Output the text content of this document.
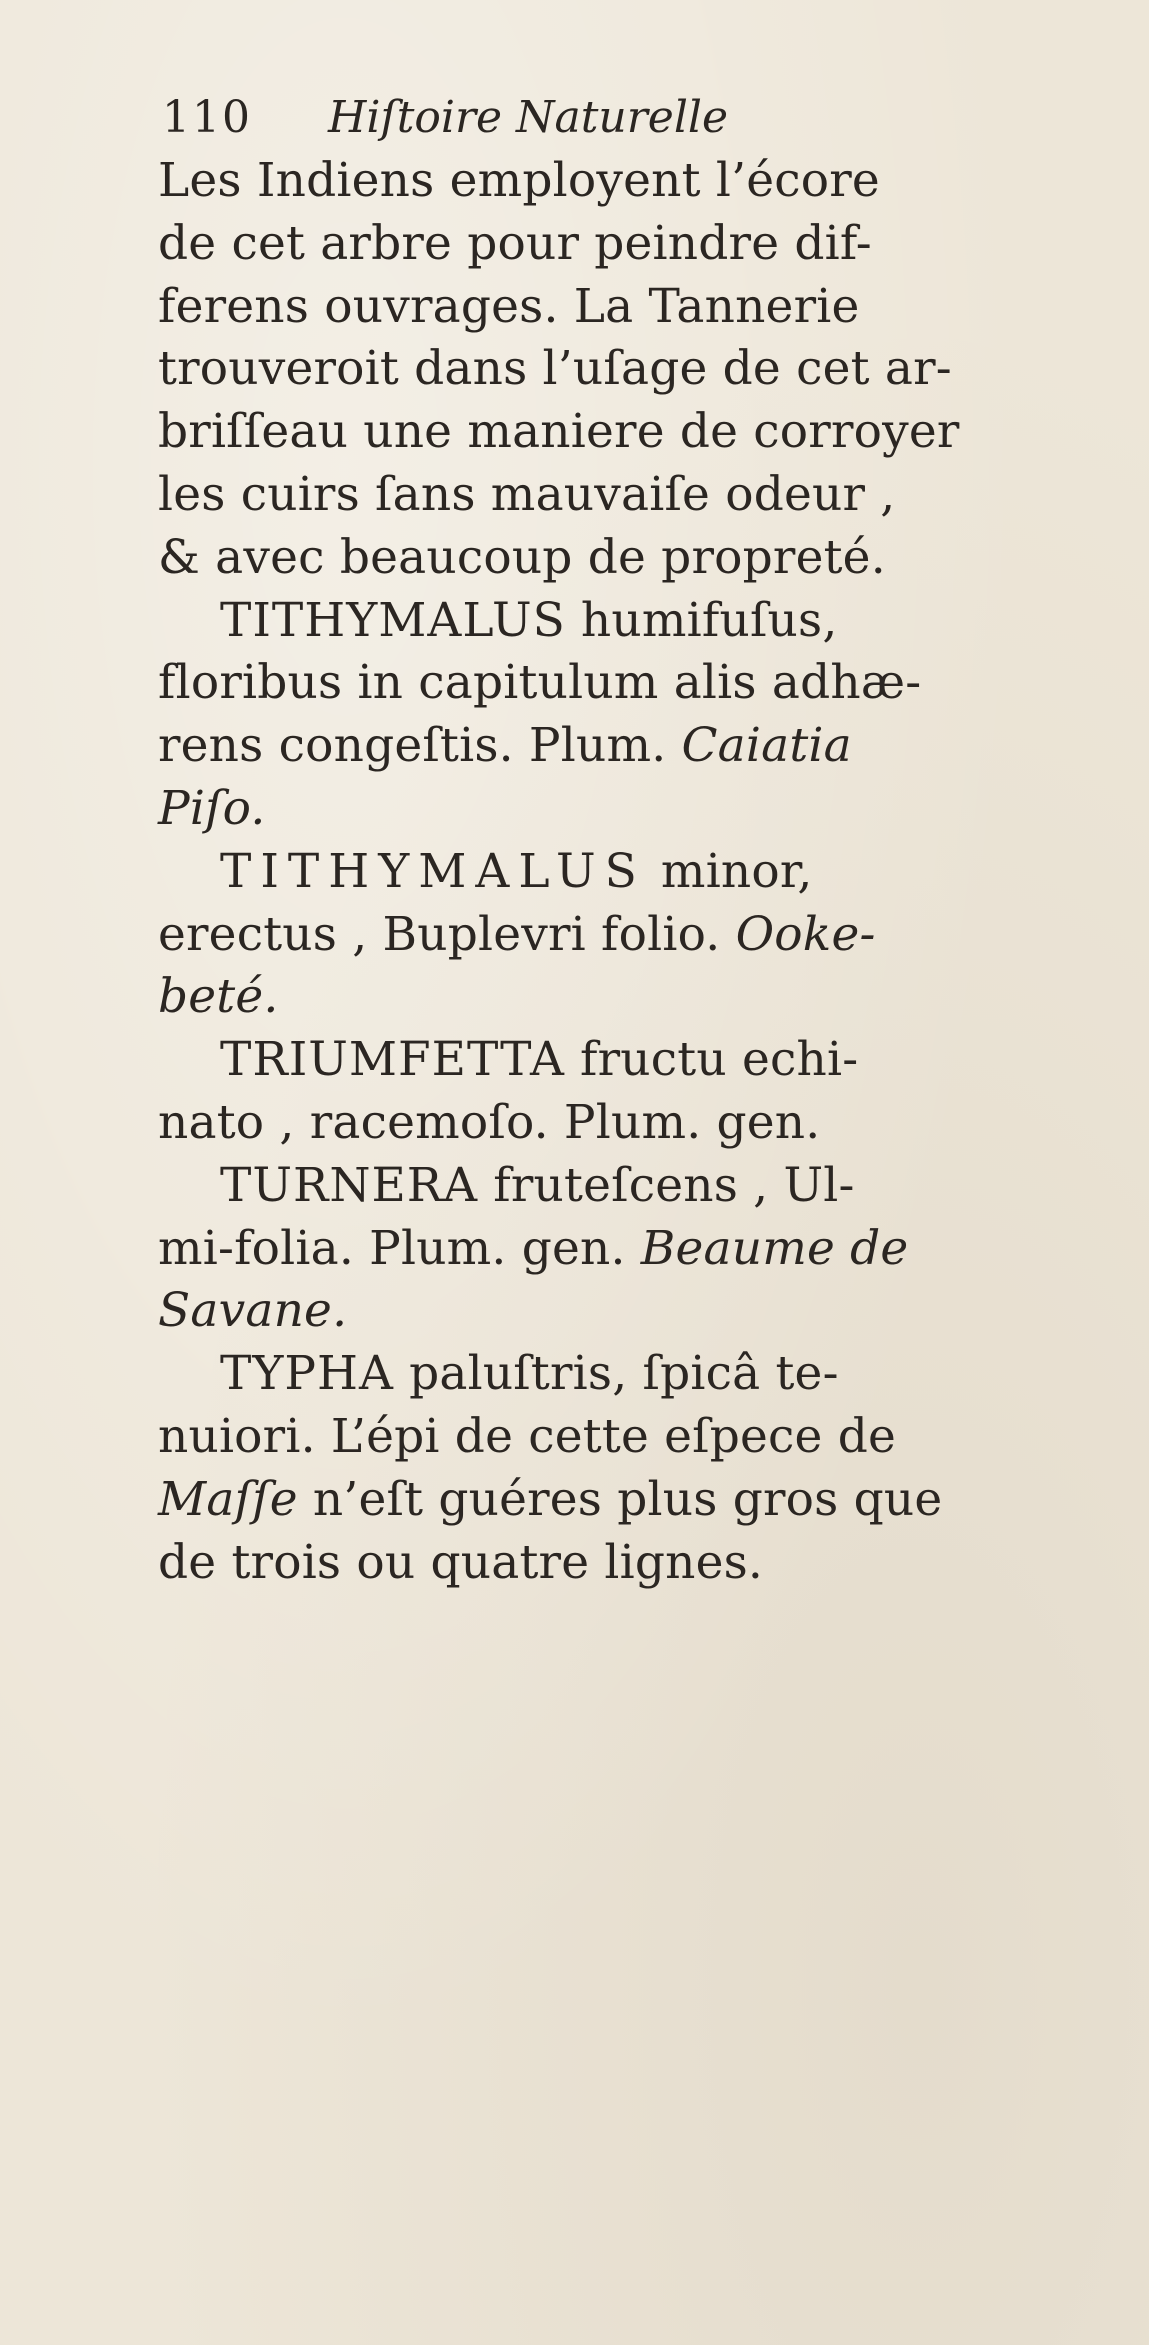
110 Hiſtoire Naturelle
Les Indiens employent l’écore
de cet arbre pour peindre dif-
ferens ouvrages. La Tannerie
trouveroit dans l’uſage de cet ar-
briſſeau une maniere de corroyer
les cuirs ſans mauvaiſe odeur ,
& avec beaucoup de propreté.
TITHYMALUS humifuſus,
floribus in capitulum alis adhæ-
rens congeſtis. Plum. Caiatia
Piſo.
TITHYMALUS minor,
erectus , Buplevri folio. Ooke-
beté.
TRIUMFETTA fructu echi-
nato , racemoſo. Plum. gen.
TURNERA fruteſcens , Ul-
mi-folia. Plum. gen. Beaume de
Savane.
TYPHA paluſtris, ſpicâ te-
nuiori. L’épi de cette eſpece de
Maſſe n’eſt guéres plus gros que
de trois ou quatre lignes.
